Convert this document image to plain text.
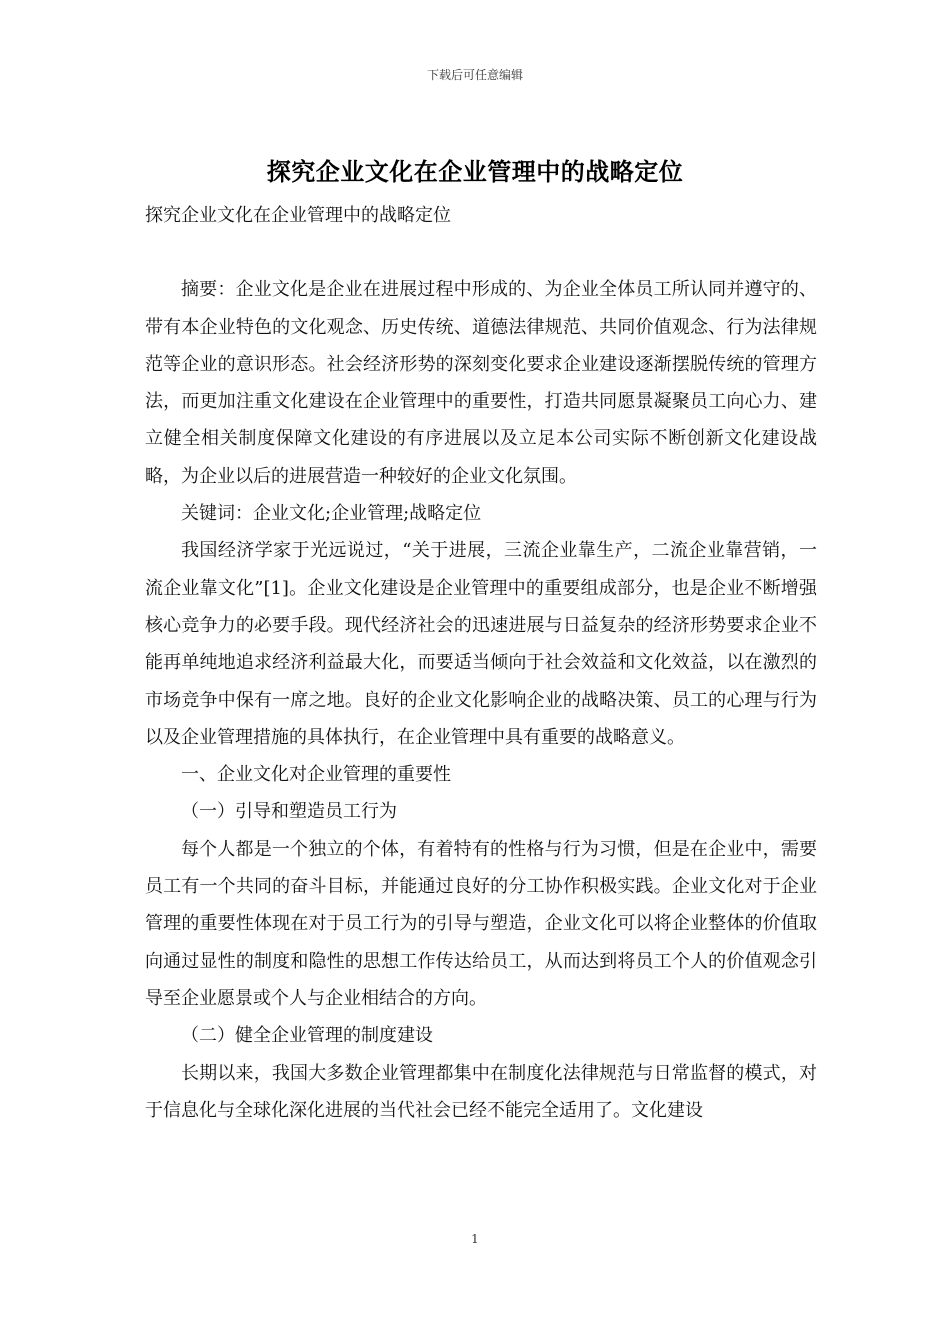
下载后可任意编辑
探究企业文化在企业管理中的战略定位

探究企业文化在企业管理中的战略定位

摘要：企业文化是企业在进展过程中形成的、为企业全体员工所认同并遵守的、带有本企业特色的文化观念、历史传统、道德法律规范、共同价值观念、行为法律规范等企业的意识形态。社会经济形势的深刻变化要求企业建设逐渐摆脱传统的管理方法，而更加注重文化建设在企业管理中的重要性，打造共同愿景凝聚员工向心力、建立健全相关制度保障文化建设的有序进展以及立足本公司实际不断创新文化建设战略，为企业以后的进展营造一种较好的企业文化氛围。

关键词：企业文化;企业管理;战略定位

我国经济学家于光远说过，“关于进展，三流企业靠生产，二流企业靠营销，一流企业靠文化”[1]。企业文化建设是企业管理中的重要组成部分，也是企业不断增强核心竞争力的必要手段。现代经济社会的迅速进展与日益复杂的经济形势要求企业不能再单纯地追求经济利益最大化，而要适当倾向于社会效益和文化效益，以在激烈的市场竞争中保有一席之地。良好的企业文化影响企业的战略决策、员工的心理与行为以及企业管理措施的具体执行，在企业管理中具有重要的战略意义。

一、企业文化对企业管理的重要性

（一）引导和塑造员工行为

每个人都是一个独立的个体，有着特有的性格与行为习惯，但是在企业中，需要员工有一个共同的奋斗目标，并能通过良好的分工协作积极实践。企业文化对于企业管理的重要性体现在对于员工行为的引导与塑造，企业文化可以将企业整体的价值取向通过显性的制度和隐性的思想工作传达给员工，从而达到将员工个人的价值观念引导至企业愿景或个人与企业相结合的方向。

（二）健全企业管理的制度建设

长期以来，我国大多数企业管理都集中在制度化法律规范与日常监督的模式，对于信息化与全球化深化进展的当代社会已经不能完全适用了。文化建设

1
